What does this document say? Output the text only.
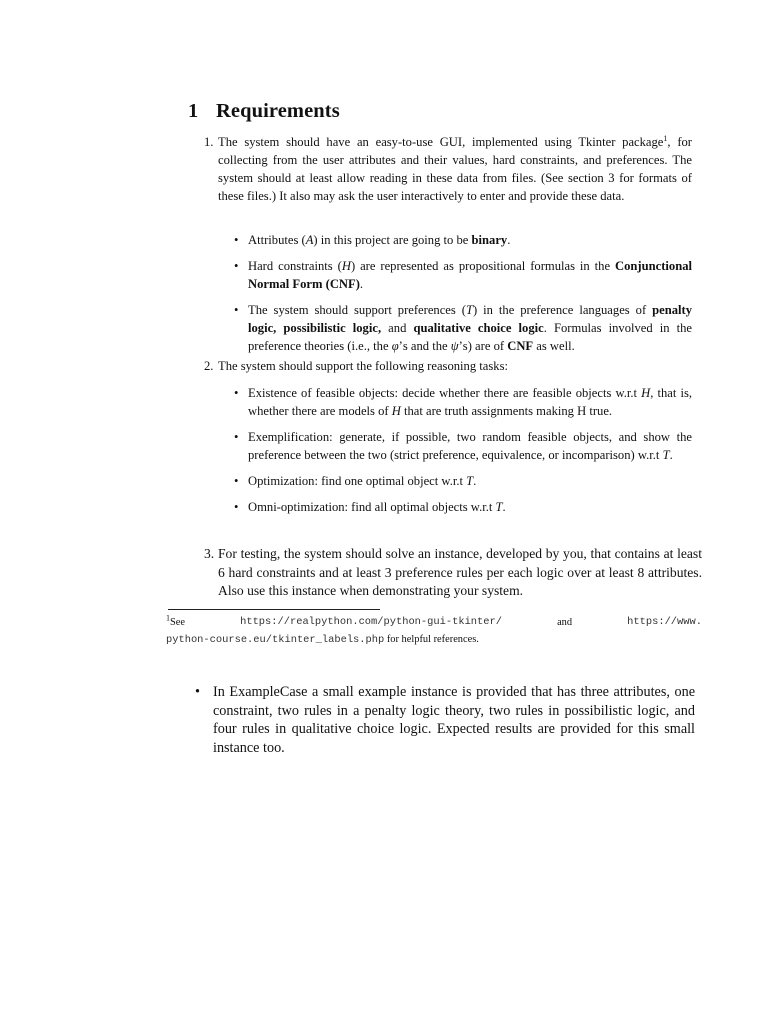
1 Requirements
1. The system should have an easy-to-use GUI, implemented using Tkinter package$^1$, for collecting from the user attributes and their values, hard constraints, and preferences. The system should at least allow reading in these data from files. (See section 3 for formats of these files.) It also may ask the user interactively to enter and provide these data.

• Attributes (A) in this project are going to be binary.
• Hard constraints (H) are represented as propositional formulas in the Conjunctional Normal Form (CNF).
• The system should support preferences (T) in the preference languages of penalty logic, possibilistic logic, and qualitative choice logic. Formulas involved in the preference theories (i.e., the φ’s and the ψ’s) are of CNF as well.
2. The system should support the following reasoning tasks:

• Existence of feasible objects: decide whether there are feasible objects w.r.t H, that is, whether there are models of H that are truth assignments making H true.
• Exemplification: generate, if possible, two random feasible objects, and show the preference between the two (strict preference, equivalence, or incomparison) w.r.t T.
• Optimization: find one optimal object w.r.t T.
• Omni-optimization: find all optimal objects w.r.t T.
3. For testing, the system should solve an instance, developed by you, that contains at least 6 hard constraints and at least 3 preference rules per each logic over at least 8 attributes. Also use this instance when demonstrating your system.

$^1$See	https://realpython.com/python-gui-tkinter/	and	https://www.
python-course.eu/tkinter_labels.php for helpful references.
• In ExampleCase a small example instance is provided that has three attributes, one constraint, two rules in a penalty logic theory, two rules in possibilistic logic, and four rules in qualitative choice logic. Expected results are provided for this small instance too.
